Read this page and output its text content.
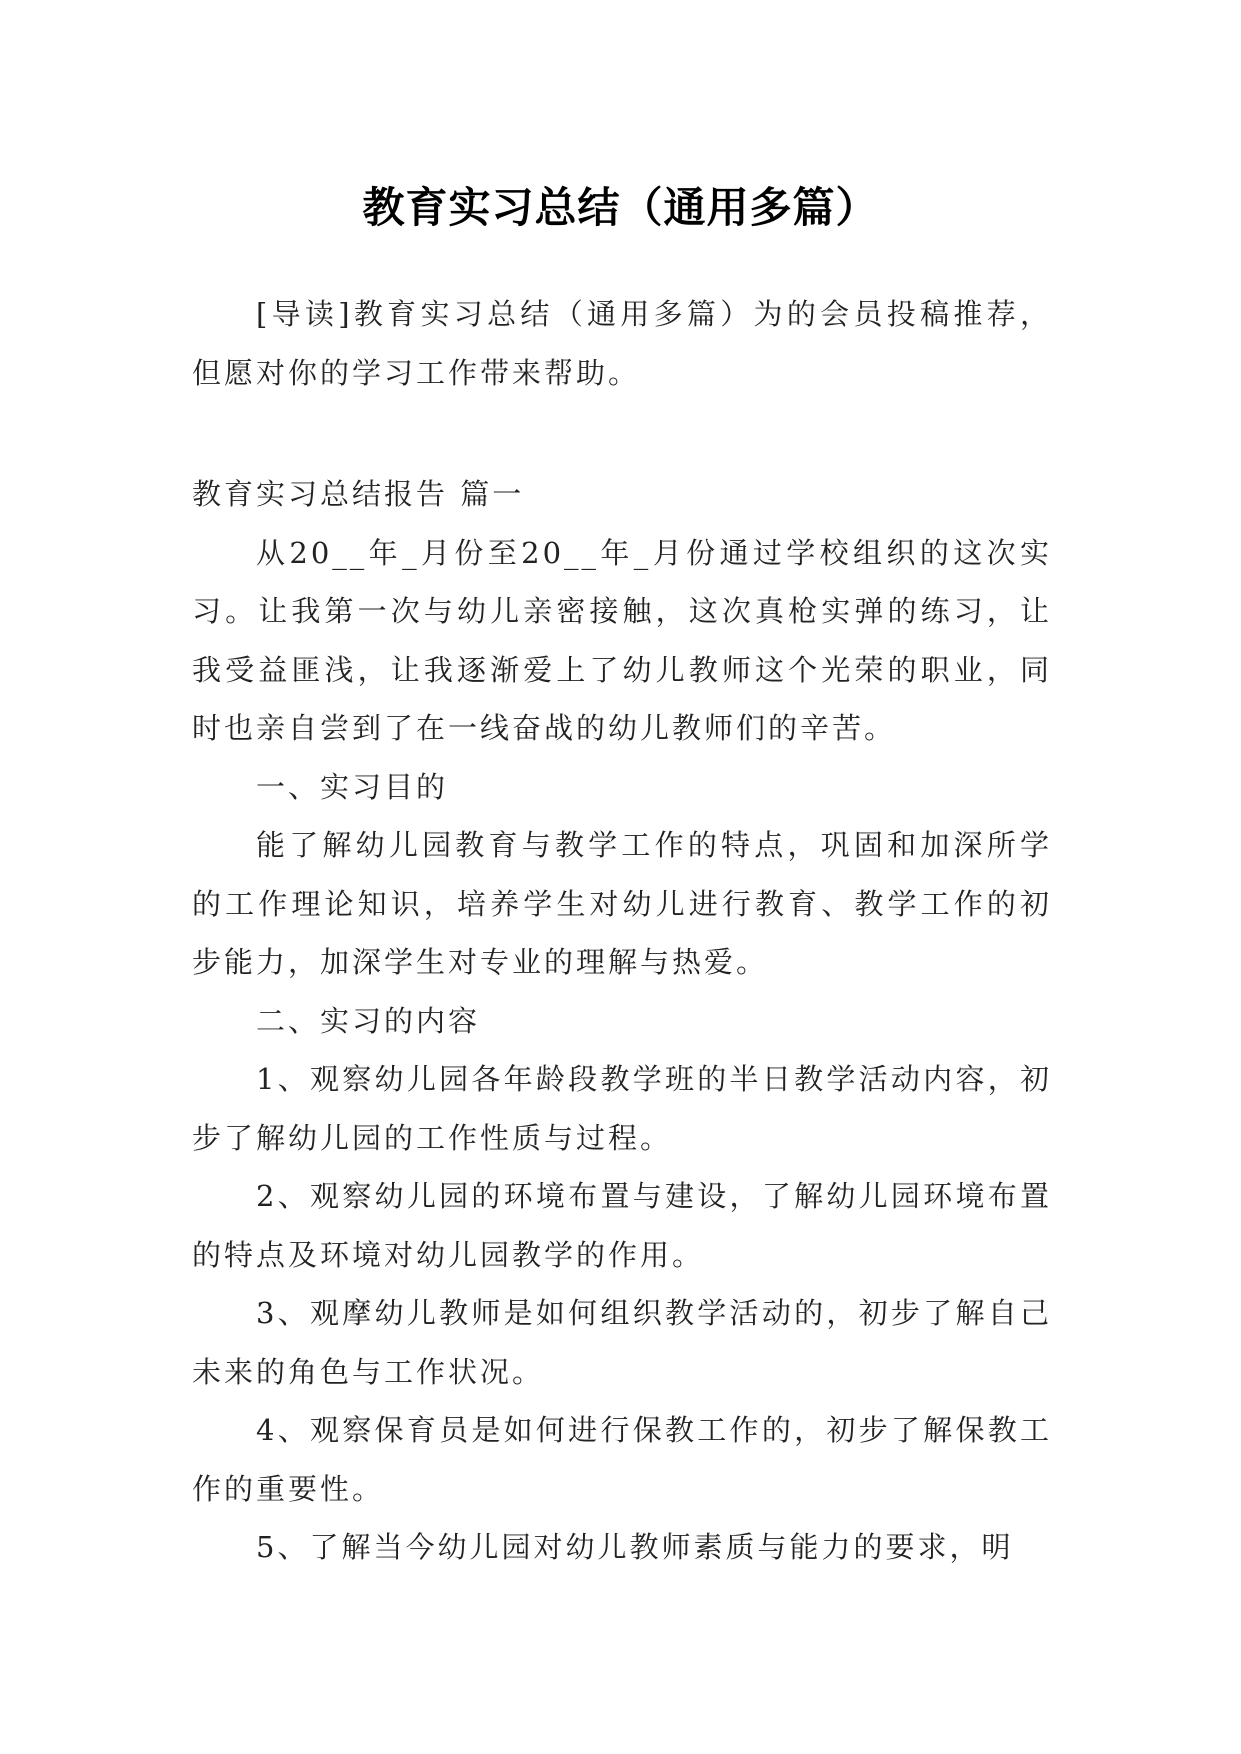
教育实习总结（通用多篇）

[导读]教育实习总结（通用多篇）为的会员投稿推荐，但愿对你的学习工作带来帮助。

教育实习总结报告 篇一

从20__年_月份至20__年_月份通过学校组织的这次实习。让我第一次与幼儿亲密接触，这次真枪实弹的练习，让我受益匪浅，让我逐渐爱上了幼儿教师这个光荣的职业，同时也亲自尝到了在一线奋战的幼儿教师们的辛苦。

一、实习目的

能了解幼儿园教育与教学工作的特点，巩固和加深所学的工作理论知识，培养学生对幼儿进行教育、教学工作的初步能力，加深学生对专业的理解与热爱。

二、实习的内容

1、观察幼儿园各年龄段教学班的半日教学活动内容，初步了解幼儿园的工作性质与过程。

2、观察幼儿园的环境布置与建设，了解幼儿园环境布置的特点及环境对幼儿园教学的作用。

3、观摩幼儿教师是如何组织教学活动的，初步了解自己未来的角色与工作状况。

4、观察保育员是如何进行保教工作的，初步了解保教工作的重要性。

5、了解当今幼儿园对幼儿教师素质与能力的要求，明
